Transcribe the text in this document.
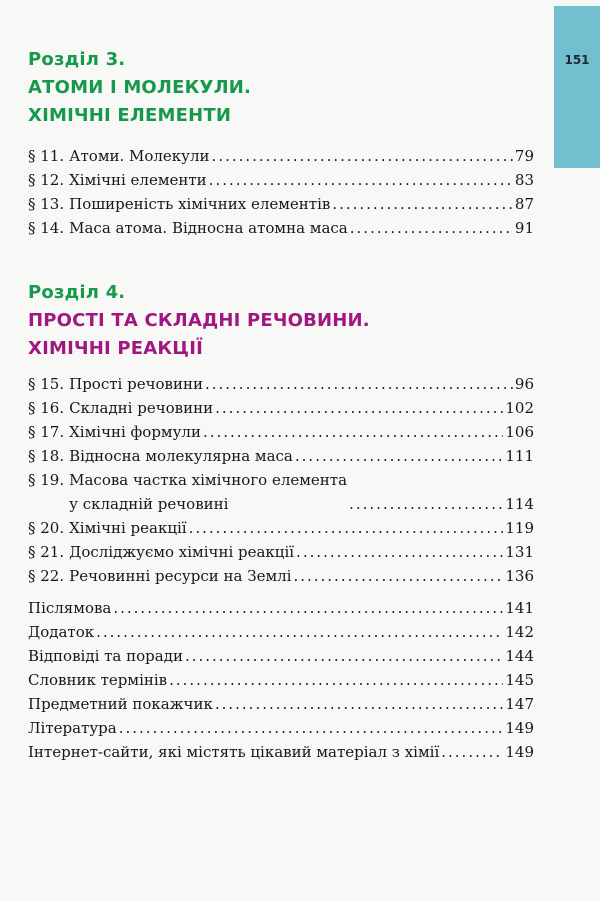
151
Розділ 3.
АТОМИ І МОЛЕКУЛИ.
ХІМІЧНІ ЕЛЕМЕНТИ
§ 11. Атоми. Молекули .....	79
§ 12. Хімічні елементи .....	83
§ 13. Поширеність хімічних елементів .....	87
§ 14. Маса атома. Відносна атомна маса .....	91
Розділ 4.
ПРОСТІ ТА СКЛАДНІ РЕЧОВИНИ.
ХІМІЧНІ РЕАКЦІЇ
§ 15. Прості речовини .....	96
§ 16. Складні речовини .....	102
§ 17. Хімічні формули .....	106
§ 18. Відносна молекулярна маса .....	111
§ 19. Масова частка хімічного елемента
у складній речовині .....	114
§ 20. Хімічні реакції .....	119
§ 21. Досліджуємо хімічні реакції .....	131
§ 22. Речовинні ресурси на Землі .....	136
Післямова .....	141
Додаток .....	142
Відповіді та поради .....	144
Словник термінів .....	145
Предметний покажчик .....	147
Література .....	149
Інтернет-сайти, які містять цікавий матеріал з хімії .....	149
